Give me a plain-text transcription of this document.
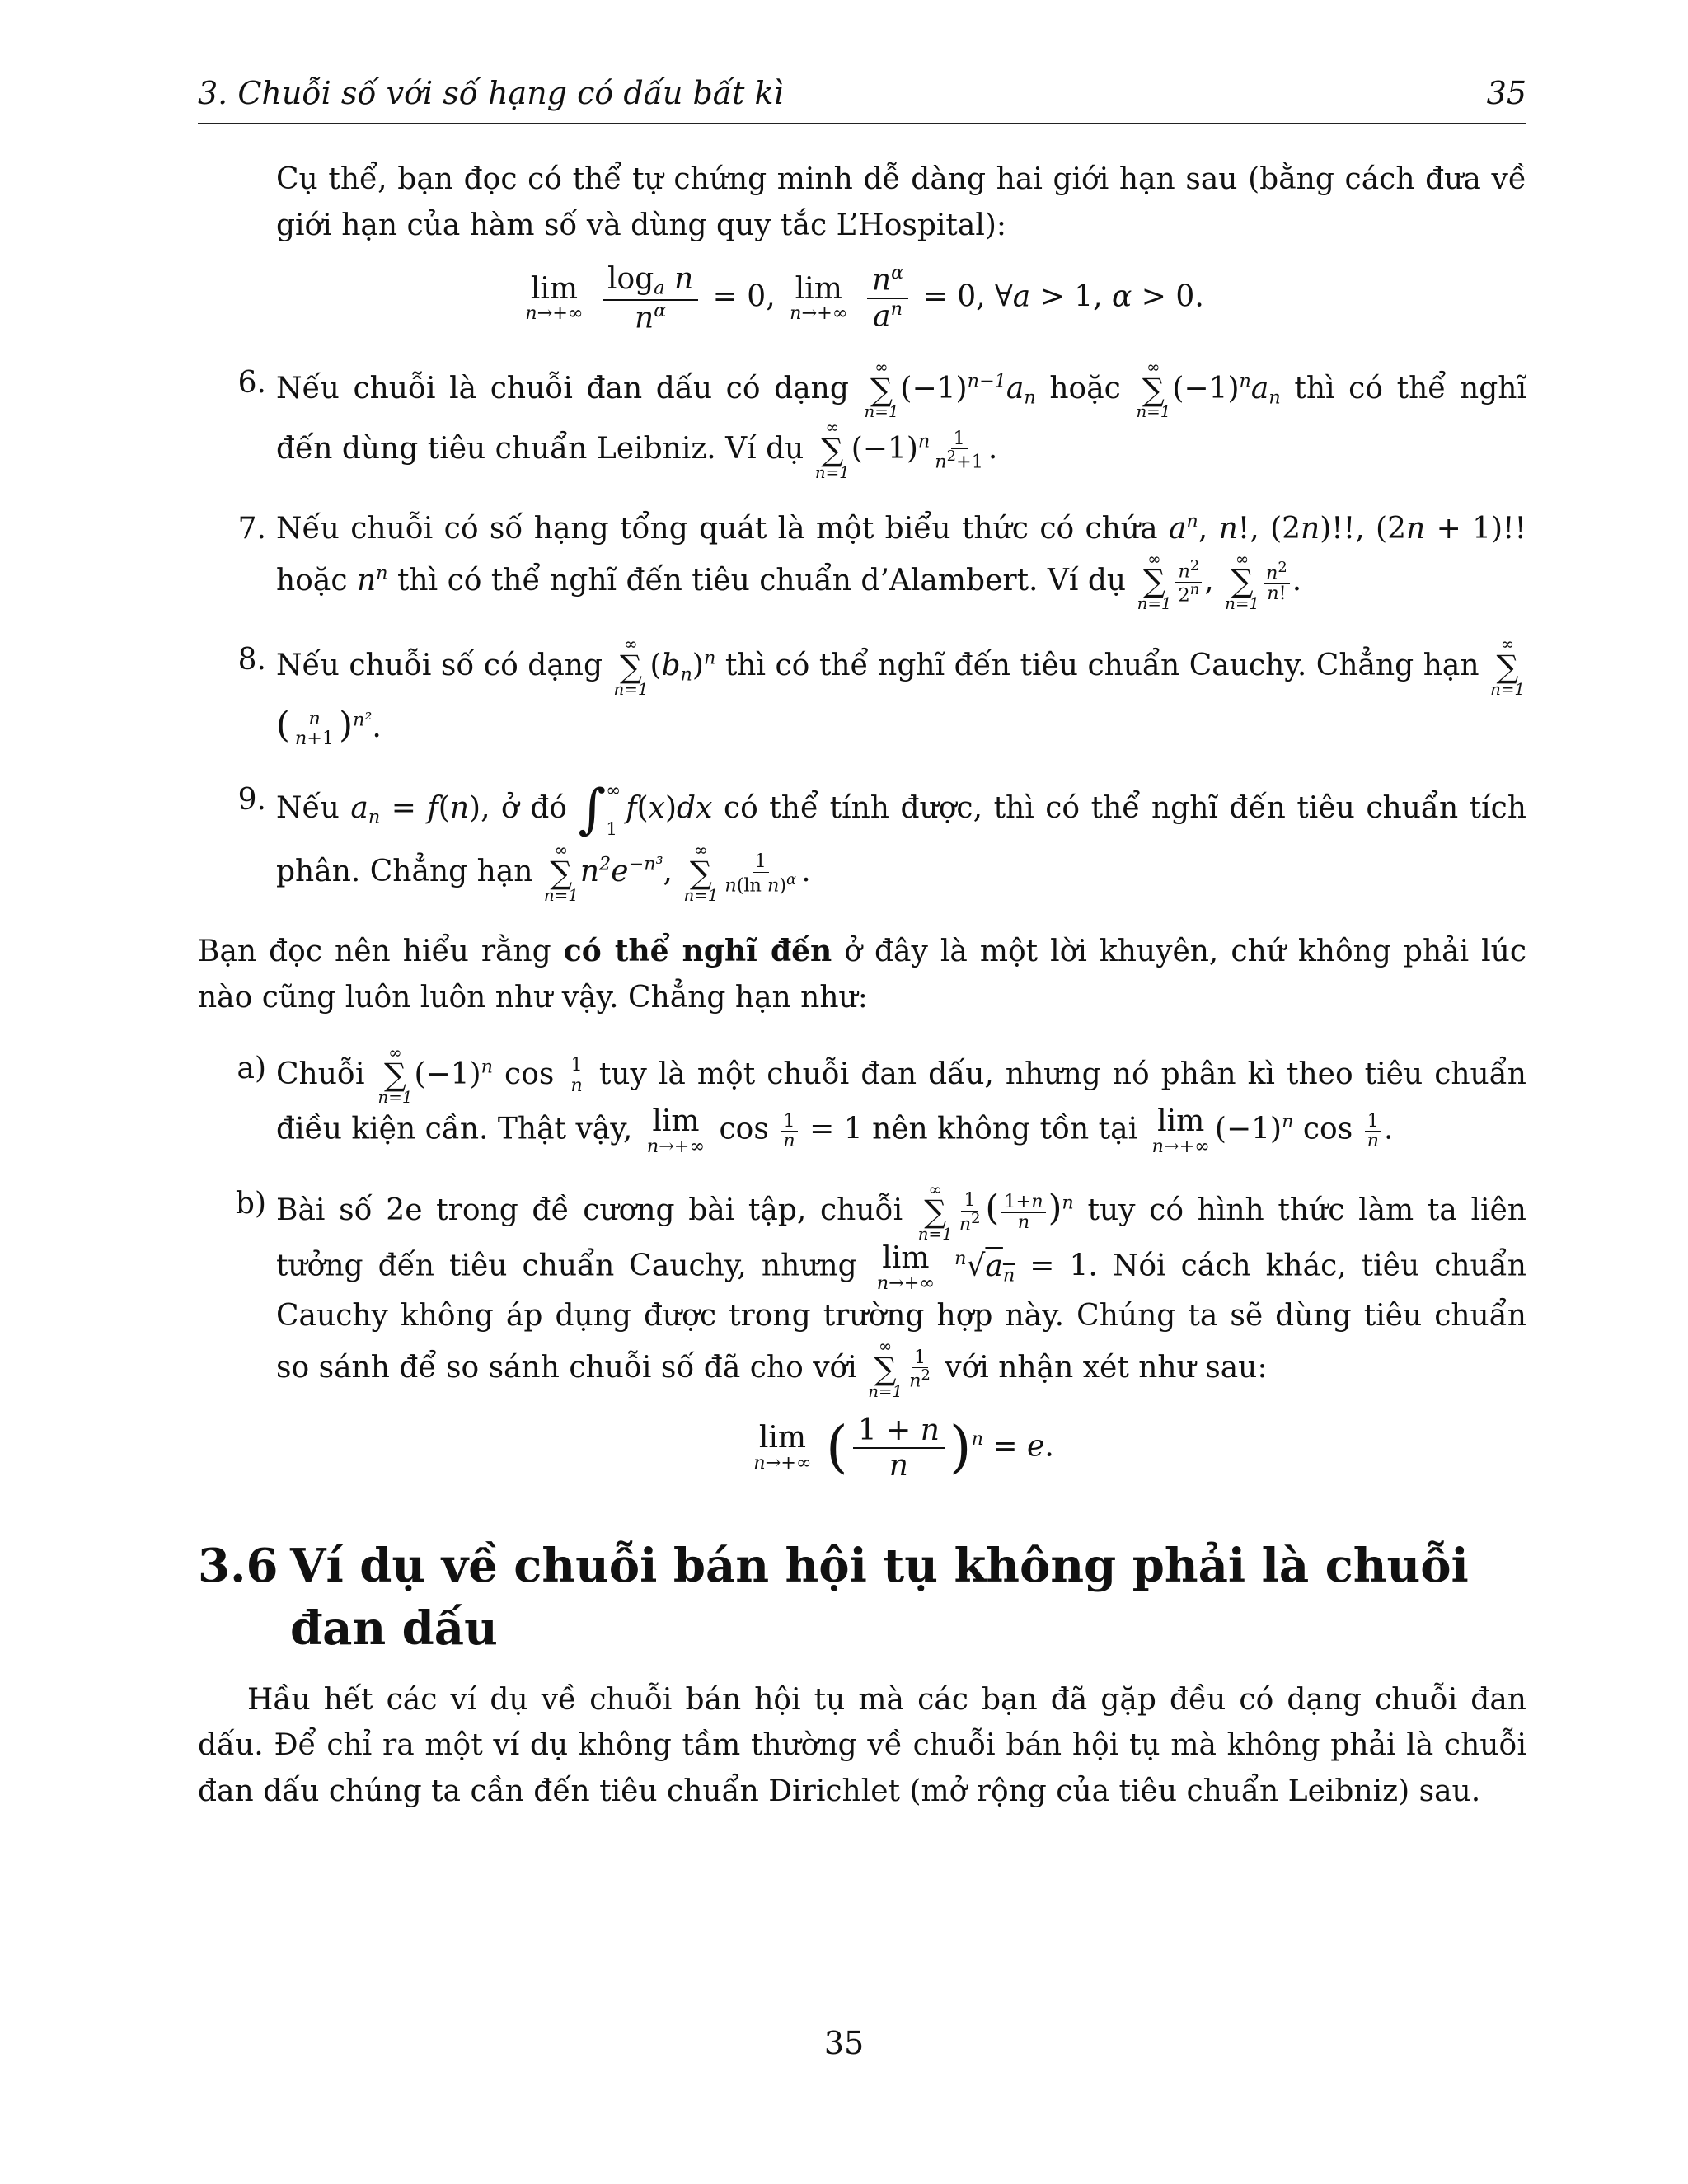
3. Chuỗi số với số hạng có dấu bất kì	35

Cụ thể, bạn đọc có thể tự chứng minh dễ dàng hai giới hạn sau (bằng cách đưa về giới hạn của hàm số và dùng quy tắc L’Hospital):

lim
n→+∞
$\frac{\log_a n}{n^\alpha} = 0$, lim
n→+∞
$\frac{n^\alpha}{a^n} = 0$, ∀a > 1, α > 0.
6. Nếu chuỗi là chuỗi đan dấu có dạng
∞
∑
n=1
$(-1)^{n-1}a_n$ hoặc
∞
∑
n=1
$(-1)^na_n$ thì có thể nghĩ đến dùng tiêu chuẩn Leibniz. Ví dụ
∞
∑
n=1
$(-1)^n \frac{1}{n^2+1}$ .
7. Nếu chuỗi có số hạng tổng quát là một biểu thức có chứa $a^n$, n!, (2n)!!, (2n + 1)!! hoặc $n^n$ thì có thể nghĩ đến tiêu chuẩn d’Alambert. Ví dụ
∞
∑
$n=1 \frac{n^2}{2^n}$ ,
∞
∑
n=1
$\frac{n^2}{n!}$ .
8. Nếu chuỗi số có dạng
∞
∑
n=1
$(b_n)^n$ thì có thể nghĩ đến tiêu chuẩn Cauchy. Chẳng hạn
∞
∑
n=1
( $\frac{n}{n+1} )^{n^2}$.
9. Nếu $a_n = f(n)$, ở đó ∫ ∞
1
f(x)dx có thể tính được, thì có thể nghĩ đến tiêu chuẩn tích phân. Chẳng hạn
∞
∑
n=1
$n^2e^{-n^3}$,
∞
∑
n=1
$\frac{1}{n(\ln n)^\alpha}$ .

Bạn đọc nên hiểu rằng có thể nghĩ đến ở đây là một lời khuyên, chứ không phải lúc nào cũng luôn luôn như vậy. Chẳng hạn như:

a) Chuỗi
∞
∑
n=1
$(-1)^n$ $\cos \frac{1}{n}$ tuy là một chuỗi đan dấu, nhưng nó phân kì theo tiêu chuẩn điều kiện cần. Thật vậy, lim
n→+∞
$\cos \frac{1}{n} = 1$ nên không tồn tại lim
n→+∞
$(-1)^n$ $\cos \frac{1}{n}$ .
b) Bài số 2e trong đề cương bài tập, chuỗi
∞
∑
n=1
$\frac{1}{n^2}$ ( $\frac{1+n}{n} )^n$ tuy có hình thức làm ta liên tưởng đến tiêu chuẩn Cauchy, nhưng lim
n→+∞
$^n√a_n = 1$. Nói cách khác, tiêu chuẩn Cauchy không áp dụng được trong trường hợp này. Chúng ta sẽ dùng tiêu chuẩn so sánh để so sánh chuỗi số đã cho với
∞
∑
n=1
$\frac{1}{n^2}$ với nhận xét như sau:
lim
n→+∞ ( $\frac{1 + n}{n} )^n = e$.
3.6 Ví dụ về chuỗi bán hội tụ không phải là chuỗi đan dấu

Hầu hết các ví dụ về chuỗi bán hội tụ mà các bạn đã gặp đều có dạng chuỗi đan dấu. Để chỉ ra một ví dụ không tầm thường về chuỗi bán hội tụ mà không phải là chuỗi đan dấu chúng ta cần đến tiêu chuẩn Dirichlet (mở rộng của tiêu chuẩn Leibniz) sau.

35
